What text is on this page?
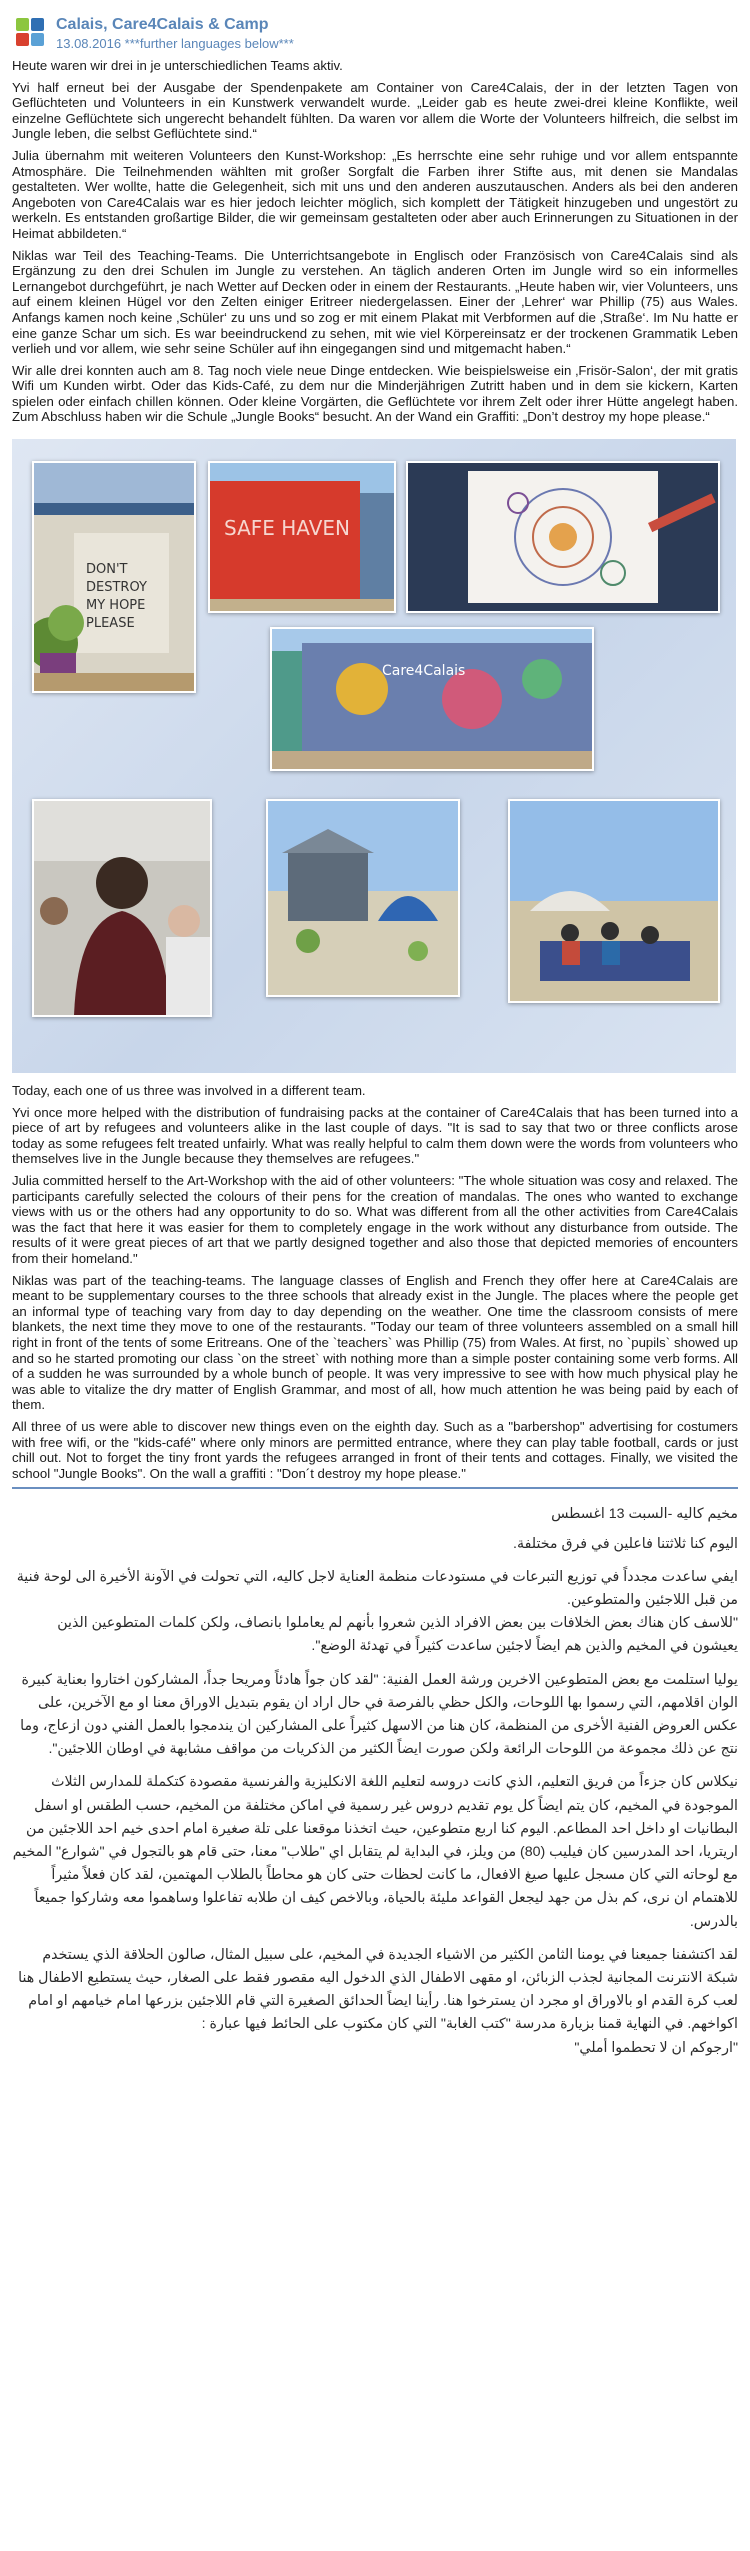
Calais, Care4Calais & Camp
13.08.2016 ***further languages below***

Heute waren wir drei in je unterschiedlichen Teams aktiv.

Yvi half erneut bei der Ausgabe der Spendenpakete am Container von Care4Calais, der in der letzten Tagen von Geflüchteten und Volunteers in ein Kunstwerk verwandelt wurde. „Leider gab es heute zwei-drei kleine Konflikte, weil einzelne Geflüchtete sich ungerecht behandelt fühlten. Da waren vor allem die Worte der Volunteers hilfreich, die selbst im Jungle leben, die selbst Geflüchtete sind.“

Julia übernahm mit weiteren Volunteers den Kunst-Workshop: „Es herrschte eine sehr ruhige und vor allem entspannte Atmosphäre. Die Teilnehmenden wählten mit großer Sorgfalt die Farben ihrer Stifte aus, mit denen sie Mandalas gestalteten. Wer wollte, hatte die Gelegenheit, sich mit uns und den anderen auszutauschen. Anders als bei den anderen Angeboten von Care4Calais war es hier jedoch leichter möglich, sich komplett der Tätigkeit hinzugeben und ungestört zu werkeln. Es entstanden großartige Bilder, die wir gemeinsam gestalteten oder aber auch Erinnerungen zu Situationen in der Heimat abbildeten.“

Niklas war Teil des Teaching-Teams. Die Unterrichtsangebote in Englisch oder Französisch von Care4Calais sind als Ergänzung zu den drei Schulen im Jungle zu verstehen. An täglich anderen Orten im Jungle wird so ein informelles Lernangebot durchgeführt, je nach Wetter auf Decken oder in einem der Restaurants. „Heute haben wir, vier Volunteers, uns auf einem kleinen Hügel vor den Zelten einiger Eritreer niedergelassen. Einer der ‚Lehrer‘ war Phillip (75) aus Wales. Anfangs kamen noch keine ‚Schüler‘ zu uns und so zog er mit einem Plakat mit Verbformen auf die ‚Straße‘. Im Nu hatte er eine ganze Schar um sich. Es war beeindruckend zu sehen, mit wie viel Körpereinsatz er der trockenen Grammatik Leben verlieh und vor allem, wie sehr seine Schüler auf ihn eingegangen sind und mitgemacht haben.“

Wir alle drei konnten auch am 8. Tag noch viele neue Dinge entdecken. Wie beispielsweise ein ‚Frisör-Salon‘, der mit gratis Wifi um Kunden wirbt. Oder das Kids-Café, zu dem nur die Minderjährigen Zutritt haben und in dem sie kickern, Karten spielen oder einfach chillen können. Oder kleine Vorgärten, die Geflüchtete vor ihrem Zelt oder ihrer Hütte angelegt haben. Zum Abschluss haben wir die Schule „Jungle Books“ besucht. An der Wand ein Graffiti: „Don’t destroy my hope please.“

DON'T
DESTROY
MY HOPE
PLEASE
SAFE HAVEN
Care4Calais

Today, each one of us three was involved in a different team.

Yvi once more helped with the distribution of fundraising packs at the container of Care4Calais that has been turned into a piece of art by refugees and volunteers alike in the last couple of days. "It is sad to say that two or three conflicts arose today as some refugees felt treated unfairly. What was really helpful to calm them down were the words from volunteers who themselves live in the Jungle because they themselves are refugees."

Julia committed herself to the Art-Workshop with the aid of other volunteers: "The whole situation was cosy and relaxed. The participants carefully selected the colours of their pens for the creation of mandalas. The ones who wanted to exchange views with us or the others had any opportunity to do so. What was different from all the other activities from Care4Calais was the fact that here it was easier for them to completely engage in the work without any disturbance from outside. The results of it were great pieces of art that we partly designed together and also those that depicted memories of encounters from their homeland."

Niklas was part of the teaching-teams. The language classes of English and French they offer here at Care4Calais are meant to be supplementary courses to the three schools that already exist in the Jungle. The places where the people get an informal type of teaching vary from day to day depending on the weather. One time the classroom consists of mere blankets, the next time they move to one of the restaurants. "Today our team of three volunteers assembled on a small hill right in front of the tents of some Eritreans. One of the `teachers` was Phillip (75) from Wales. At first, no `pupils` showed up and so he started promoting our class `on the street` with nothing more than a simple poster containing some verb forms. All of a sudden he was surrounded by a whole bunch of people. It was very impressive to see with how much physical play he was able to vitalize the dry matter of English Grammar, and most of all, how much attention he was being paid by each of them.

All three of us were able to discover new things even on the eighth day. Such as a "barbershop" advertising for costumers with free wifi, or the "kids-café" where only minors are permitted entrance, where they can play table football, cards or just chill out. Not to forget the tiny front yards the refugees arranged in front of their tents and cottages. Finally, we visited the school "Jungle Books". On the wall a graffiti : "Don´t destroy my hope please."

مخيم كاليه -السبت 13 اغسطس

اليوم كنا ثلاثتنا فاعلين في فرق مختلفة.

ايفي ساعدت مجدداً في توزيع التبرعات في مستودعات منظمة العناية لاجل كاليه، التي تحولت في الآونة الأخيرة الى لوحة فنية من قبل اللاجئين والمتطوعين.

"للاسف كان هناك بعض الخلافات بين بعض الافراد الذين شعروا بأنهم لم يعاملوا بانصاف، ولكن كلمات المتطوعين الذين يعيشون في المخيم والذين هم ايضاً لاجئين ساعدت كثيراً في تهدئة الوضع".

يوليا استلمت مع بعض المتطوعين الاخرين ورشة العمل الفنية: "لقد كان جواً هادئاً ومريحا جداً، المشاركون اختاروا بعناية كبيرة الوان اقلامهم، التي رسموا بها اللوحات، والكل حظي بالفرصة في حال اراد ان يقوم بتبديل الاوراق معنا او مع الآخرين، على عكس العروض الفنية الأخرى من المنظمة، كان هنا من الاسهل كثيراً على المشاركين ان يندمجوا بالعمل الفني دون ازعاج، وما نتج عن ذلك مجموعة من اللوحات الرائعة ولكن صورت ايضاً الكثير من الذكريات من مواقف مشابهة في اوطان اللاجئين".

نيكلاس كان جزءاً من فريق التعليم، الذي كانت دروسه لتعليم اللغة الانكليزية والفرنسية مقصودة كتكملة للمدارس الثلاث الموجودة في المخيم، كان يتم ايضاً كل يوم تقديم دروس غير رسمية في اماكن مختلفة من المخيم، حسب الطقس او اسفل البطانيات او داخل احد المطاعم. اليوم كنا اربع متطوعين، حيث اتخذنا موقعنا على تلة صغيرة امام احدى خيم احد اللاجئين من اريتريا، احد المدرسين كان فيليب (80) من ويلز، في البداية لم يتقابل اي "طلاب" معنا، حتى قام هو بالتجول في "شوارع" المخيم مع لوحاته التي كان مسجل عليها صيغ الافعال، ما كانت لحظات حتى كان هو محاطاً بالطلاب المهتمين، لقد كان فعلاً مثيراً للاهتمام ان نرى، كم بذل من جهد ليجعل القواعد مليئة بالحياة، وبالاخص كيف ان طلابه تفاعلوا وساهموا معه وشاركوا جميعاً بالدرس.

لقد اكتشفنا جميعنا في يومنا الثامن الكثير من الاشياء الجديدة في المخيم، على سبيل المثال، صالون الحلاقة الذي يستخدم شبكة الانترنت المجانية لجذب الزبائن، او مقهى الاطفال الذي الدخول اليه مقصور فقط على الصغار، حيث يستطيع الاطفال هنا لعب كرة القدم او بالاوراق او مجرد ان يسترخوا هنا. رأينا ايضاً الحدائق الصغيرة التي قام اللاجئين بزرعها امام خيامهم او امام اكواخهم. في النهاية قمنا بزيارة مدرسة "كتب الغابة" التي كان مكتوب على الحائط فيها عبارة :

"ارجوكم ان لا تحطموا أملي"
